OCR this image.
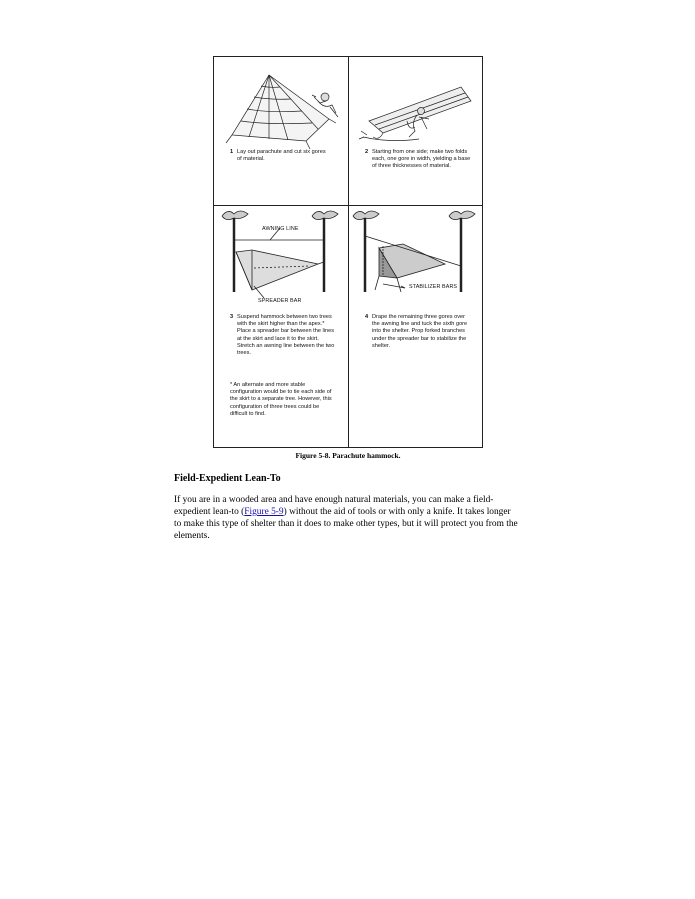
1 Lay out parachute and cut six gores of material.
2 Starting from one side; make two folds each, one gore in width, yielding a base of three thicknesses of material.
AWNING LINE
SPREADER BAR
3 Suspend hammock between two trees with the skirt higher than the apex.* Place a spreader bar between the lines at the skirt and lace it to the skirt. Stretch an awning line between the two trees.
* An alternate and more stable configuration would be to tie each side of the skirt to a separate tree. However, this configuration of three trees could be difficult to find.
STABILIZER BARS
4 Drape the remaining three gores over the awning line and tuck the sixth gore into the shelter. Prop forked branches under the spreader bar to stabilize the shelter.
Figure 5-8. Parachute hammock.
Field-Expedient Lean-To
If you are in a wooded area and have enough natural materials, you can make a field-expedient lean-to (Figure 5-9) without the aid of tools or with only a knife. It takes longer to make this type of shelter than it does to make other types, but it will protect you from the elements.
